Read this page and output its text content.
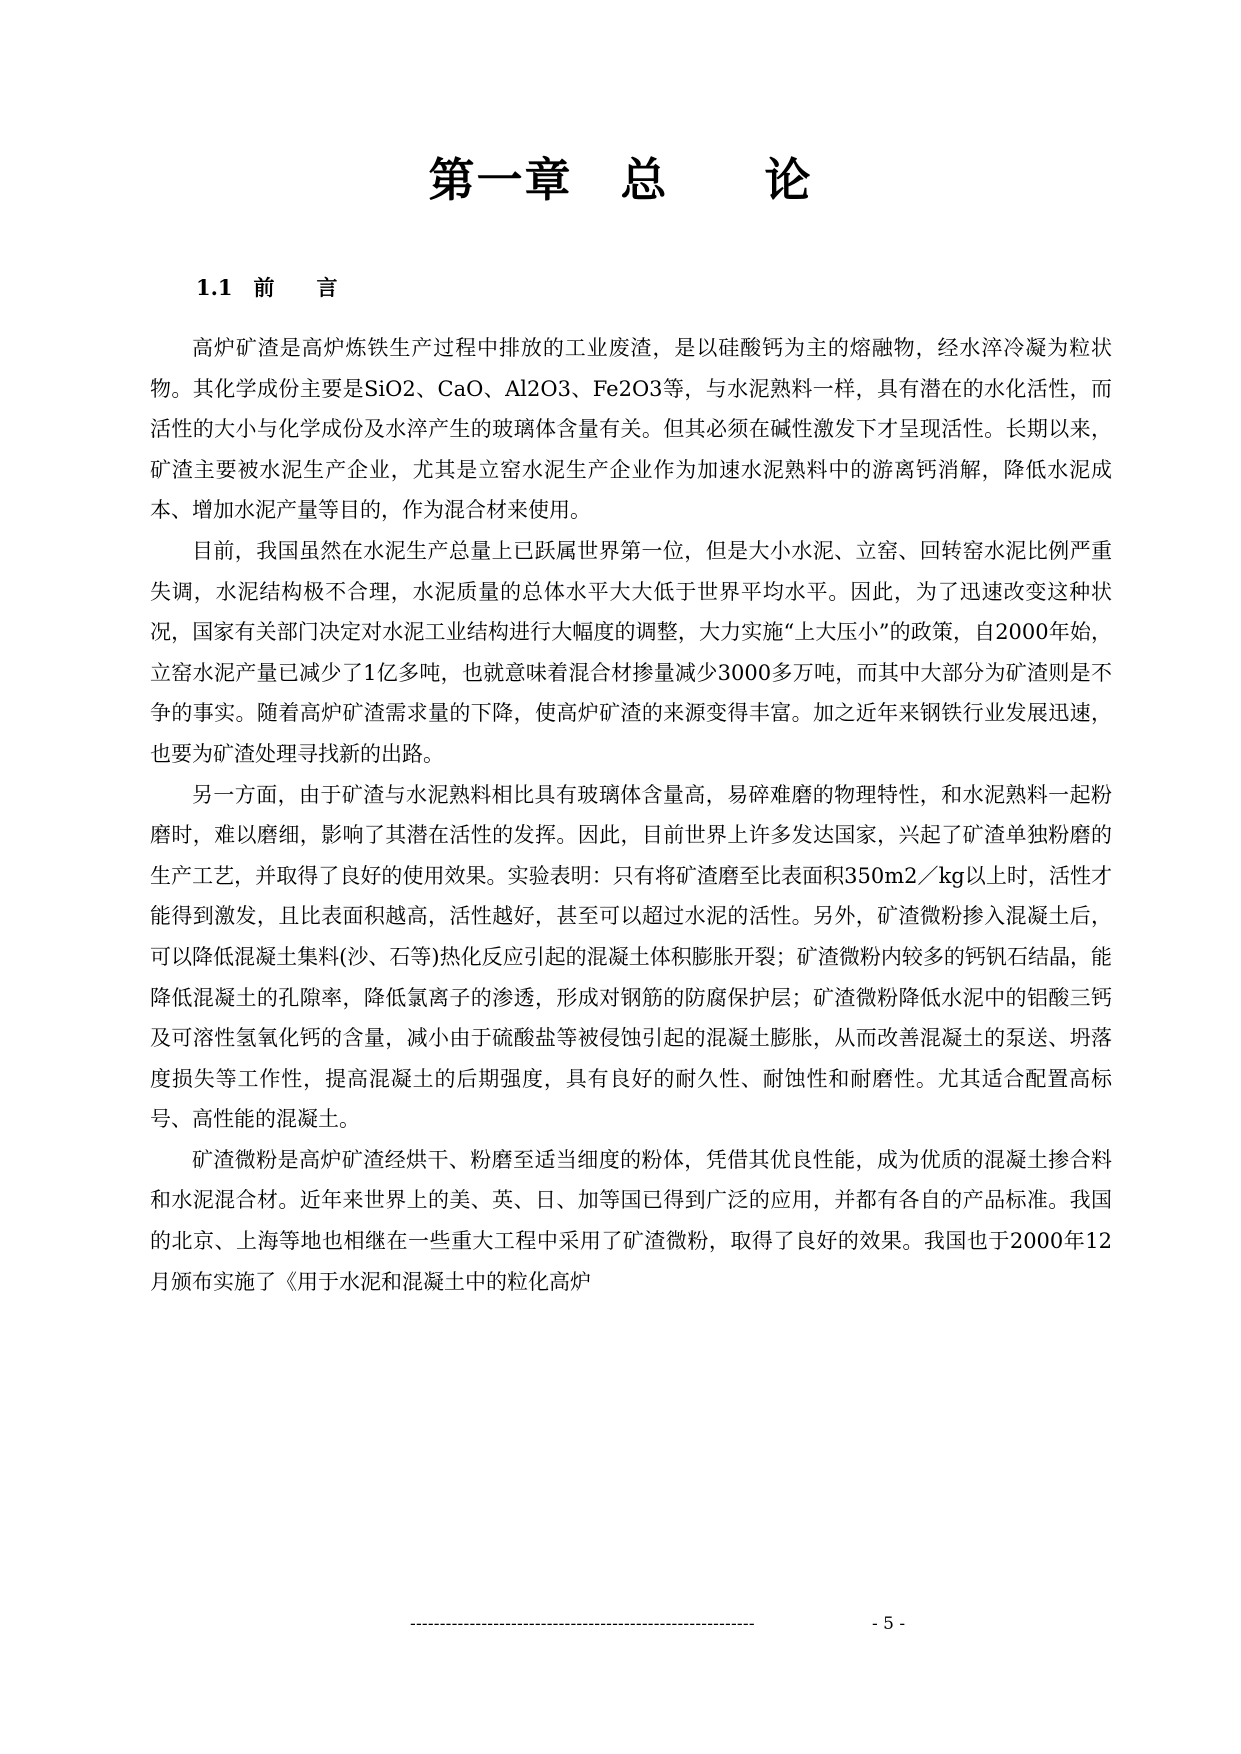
第一章　总　　论
1.1　前　　言

高炉矿渣是高炉炼铁生产过程中排放的工业废渣，是以硅酸钙为主的熔融物，经水淬冷凝为粒状物。其化学成份主要是SiO2、CaO、Al2O3、Fe2O3等，与水泥熟料一样，具有潜在的水化活性，而活性的大小与化学成份及水淬产生的玻璃体含量有关。但其必须在碱性激发下才呈现活性。长期以来，矿渣主要被水泥生产企业，尤其是立窑水泥生产企业作为加速水泥熟料中的游离钙消解，降低水泥成本、增加水泥产量等目的，作为混合材来使用。

目前，我国虽然在水泥生产总量上已跃属世界第一位，但是大小水泥、立窑、回转窑水泥比例严重失调，水泥结构极不合理，水泥质量的总体水平大大低于世界平均水平。因此，为了迅速改变这种状况，国家有关部门决定对水泥工业结构进行大幅度的调整，大力实施“上大压小”的政策，自2000年始，立窑水泥产量已减少了1亿多吨，也就意味着混合材掺量减少3000多万吨，而其中大部分为矿渣则是不争的事实。随着高炉矿渣需求量的下降，使高炉矿渣的来源变得丰富。加之近年来钢铁行业发展迅速，也要为矿渣处理寻找新的出路。

另一方面，由于矿渣与水泥熟料相比具有玻璃体含量高，易碎难磨的物理特性，和水泥熟料一起粉磨时，难以磨细，影响了其潜在活性的发挥。因此，目前世界上许多发达国家，兴起了矿渣单独粉磨的生产工艺，并取得了良好的使用效果。实验表明：只有将矿渣磨至比表面积350m2／kg以上时，活性才能得到激发，且比表面积越高，活性越好，甚至可以超过水泥的活性。另外，矿渣微粉掺入混凝土后，可以降低混凝土集料(沙、石等)热化反应引起的混凝土体积膨胀开裂；矿渣微粉内较多的钙钒石结晶，能降低混凝土的孔隙率，降低氯离子的渗透，形成对钢筋的防腐保护层；矿渣微粉降低水泥中的铝酸三钙及可溶性氢氧化钙的含量，减小由于硫酸盐等被侵蚀引起的混凝土膨胀，从而改善混凝土的泵送、坍落度损失等工作性，提高混凝土的后期强度，具有良好的耐久性、耐蚀性和耐磨性。尤其适合配置高标号、高性能的混凝土。

矿渣微粉是高炉矿渣经烘干、粉磨至适当细度的粉体，凭借其优良性能，成为优质的混凝土掺合料和水泥混合材。近年来世界上的美、英、日、加等国已得到广泛的应用，并都有各自的产品标准。我国的北京、上海等地也相继在一些重大工程中采用了矿渣微粉，取得了良好的效果。我国也于2000年12月颁布实施了《用于水泥和混凝土中的粒化高炉

----------------------------------------------------------	- 5 -
